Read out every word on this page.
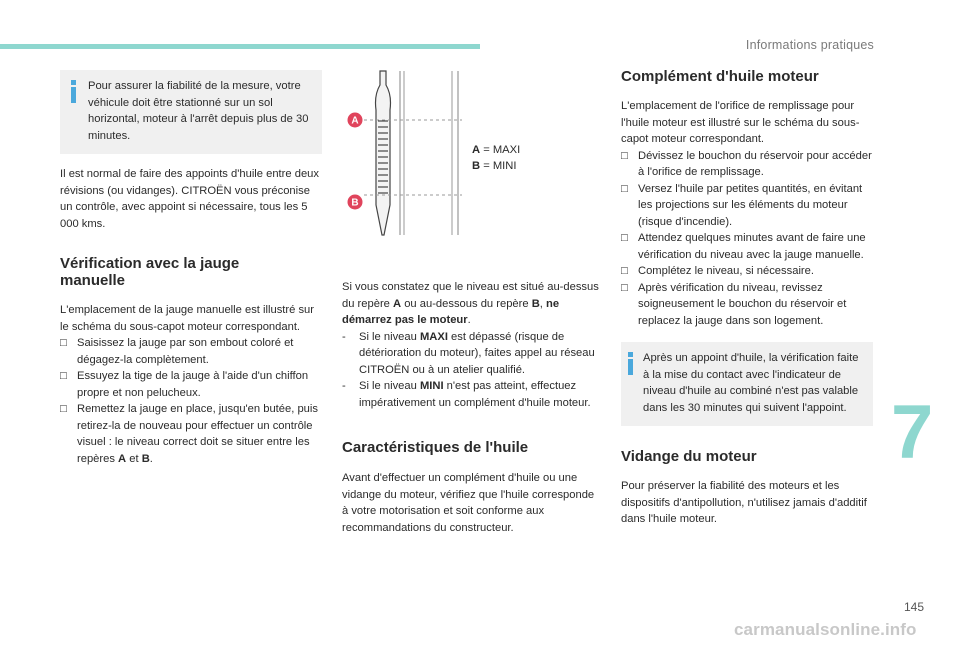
Informations pratiques

Pour assurer la fiabilité de la mesure, votre véhicule doit être stationné sur un sol horizontal, moteur à l'arrêt depuis plus de 30 minutes.

Il est normal de faire des appoints d'huile entre deux révisions (ou vidanges). CITROËN vous préconise un contrôle, avec appoint si nécessaire, tous les 5 000 kms.

Vérification avec la jauge
manuelle

L'emplacement de la jauge manuelle est illustré sur le schéma du sous-capot moteur correspondant.

□ Saisissez la jauge par son embout coloré et dégagez-la complètement.
□ Essuyez la tige de la jauge à l'aide d'un chiffon propre et non pelucheux.
□ Remettez la jauge en place, jusqu'en butée, puis retirez-la de nouveau pour effectuer un contrôle visuel : le niveau correct doit se situer entre les repères A et B.
A
B
A = MAXI
B = MINI

Si vous constatez que le niveau est situé au-dessus du repère A ou au-dessous du repère B, ne démarrez pas le moteur.

- Si le niveau MAXI est dépassé (risque de détérioration du moteur), faites appel au réseau CITROËN ou à un atelier qualifié.
- Si le niveau MINI n'est pas atteint, effectuez impérativement un complément d'huile moteur.
Caractéristiques de l'huile

Avant d'effectuer un complément d'huile ou une vidange du moteur, vérifiez que l'huile corresponde à votre motorisation et soit conforme aux recommandations du constructeur.

Complément d'huile moteur

L'emplacement de l'orifice de remplissage pour l'huile moteur est illustré sur le schéma du sous-capot moteur correspondant.

□ Dévissez le bouchon du réservoir pour accéder à l'orifice de remplissage.
□ Versez l'huile par petites quantités, en évitant les projections sur les éléments du moteur (risque d'incendie).
□ Attendez quelques minutes avant de faire une vérification du niveau avec la jauge manuelle.
□ Complétez le niveau, si nécessaire.
□ Après vérification du niveau, revissez soigneusement le bouchon du réservoir et replacez la jauge dans son logement.

Après un appoint d'huile, la vérification faite à la mise du contact avec l'indicateur de niveau d'huile au combiné n'est pas valable dans les 30 minutes qui suivent l'appoint.

Vidange du moteur

Pour préserver la fiabilité des moteurs et les dispositifs d'antipollution, n'utilisez jamais d'additif dans l'huile moteur.

7
145
carmanualsonline.info
